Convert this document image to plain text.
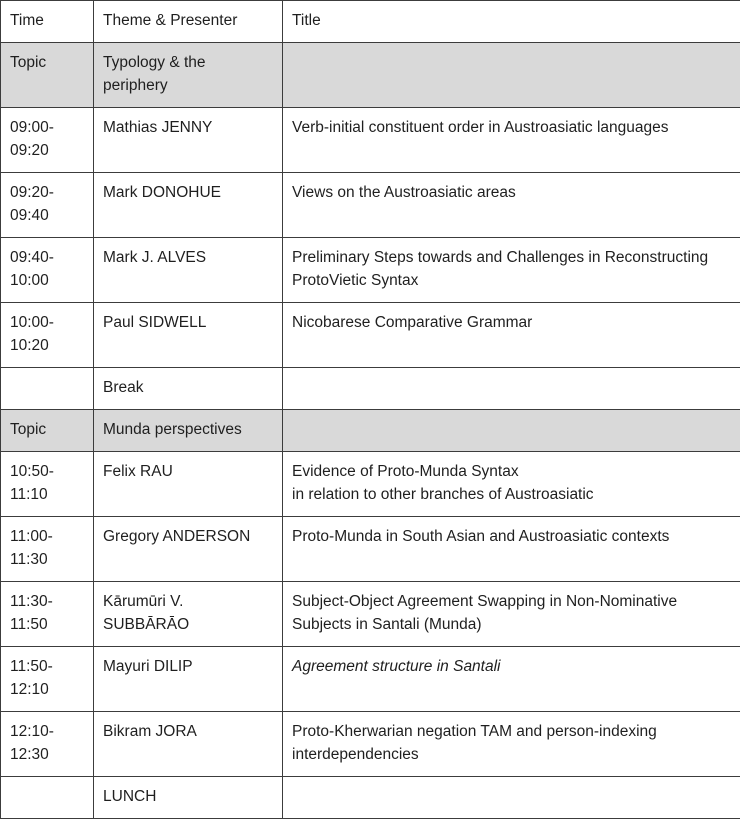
Time	Theme & Presenter	Title
Topic	Typology & the periphery	
09:00-09:20	Mathias JENNY	Verb-initial constituent order in Austroasiatic languages
09:20-09:40	Mark DONOHUE	Views on the Austroasiatic areas
09:40-10:00	Mark J. ALVES	Preliminary Steps towards and Challenges in Reconstructing ProtoVietic Syntax
10:00-10:20	Paul SIDWELL	Nicobarese Comparative Grammar
	Break	
Topic	Munda perspectives	
10:50-11:10	Felix RAU	Evidence of Proto-Munda Syntax
in relation to other branches of Austroasiatic

11:00-11:30	Gregory ANDERSON	Proto-Munda in South Asian and Austroasiatic contexts
11:30-11:50	Kārumūri V. SUBBĀRĀO	Subject-Object Agreement Swapping in Non-Nominative Subjects in Santali (Munda)
11:50-12:10	Mayuri DILIP	Agreement structure in Santali
12:10-12:30	Bikram JORA	Proto-Kherwarian negation TAM and person-indexing interdependencies
	LUNCH	
